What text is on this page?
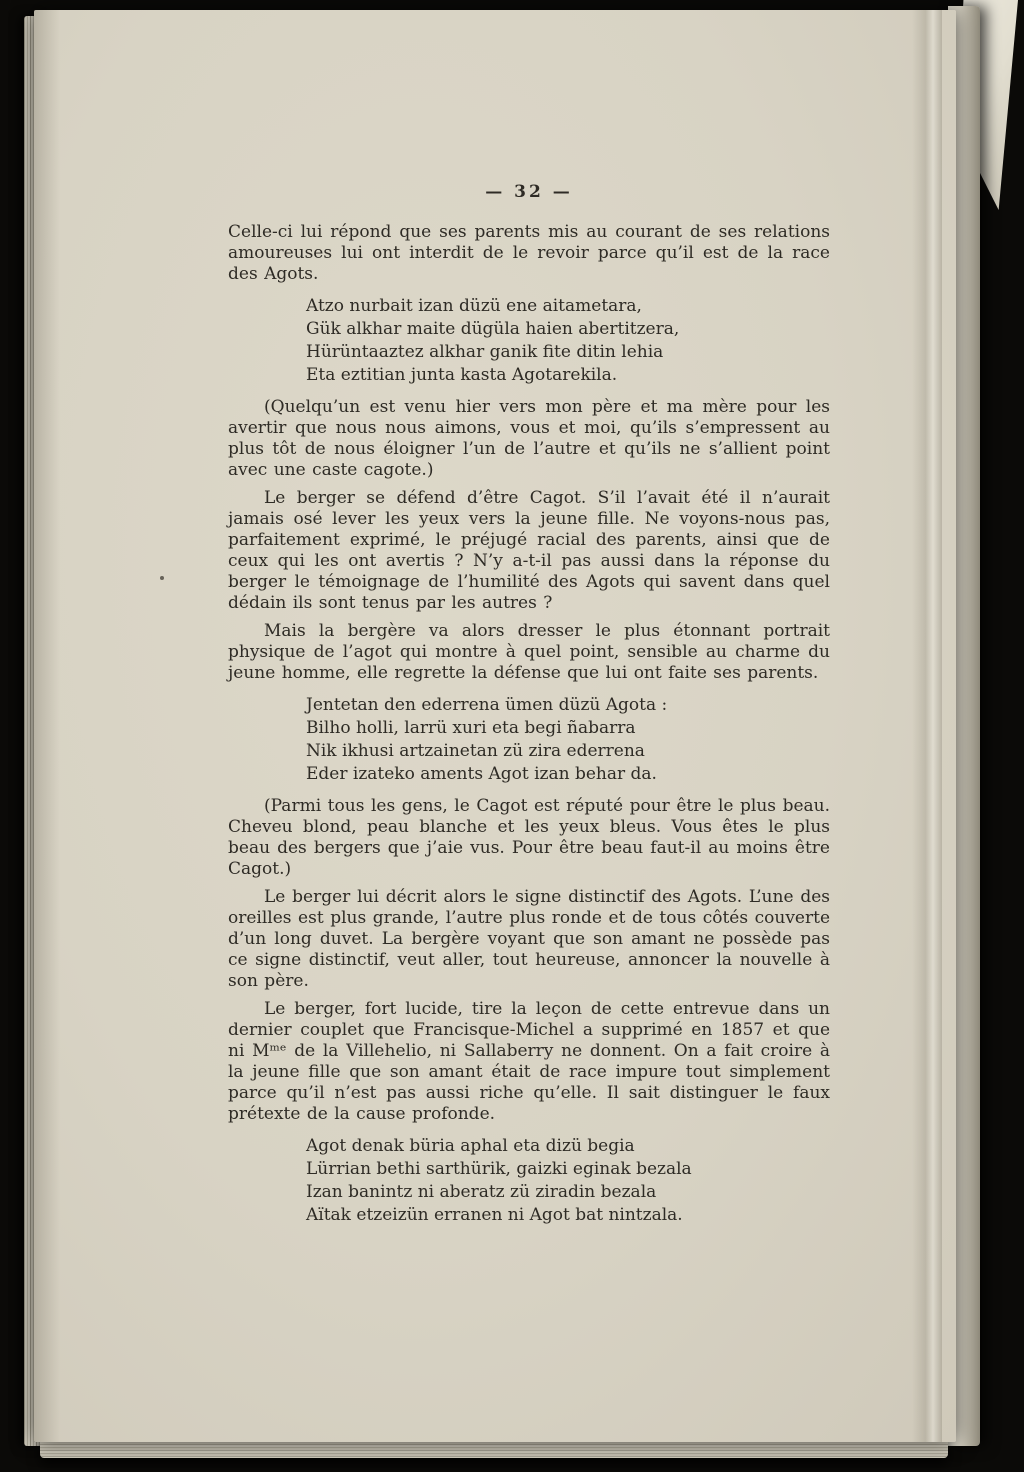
— 32 —

Celle-ci lui répond que ses parents mis au courant de ses relations amoureuses lui ont interdit de le revoir parce qu’il est de la race des Agots.

Atzo nurbait izan düzü ene aitametara,
Gük alkhar maite dügüla haien abertitzera,
Hürüntaaztez alkhar ganik fite ditin lehia
Eta eztitian junta kasta Agotarekila.

(Quelqu’un est venu hier vers mon père et ma mère pour les avertir que nous nous aimons, vous et moi, qu’ils s’empressent au plus tôt de nous éloigner l’un de l’autre et qu’ils ne s’allient point avec une caste cagote.)

Le berger se défend d’être Cagot. S’il l’avait été il n’aurait jamais osé lever les yeux vers la jeune fille. Ne voyons-nous pas, parfaitement exprimé, le préjugé racial des parents, ainsi que de ceux qui les ont avertis ? N’y a-t-il pas aussi dans la réponse du berger le témoignage de l’humilité des Agots qui savent dans quel dédain ils sont tenus par les autres ?

Mais la bergère va alors dresser le plus étonnant portrait physique de l’agot qui montre à quel point, sensible au charme du jeune homme, elle regrette la défense que lui ont faite ses parents.

Jentetan den ederrena ümen düzü Agota :
Bilho holli, larrü xuri eta begi ñabarra
Nik ikhusi artzainetan zü zira ederrena
Eder izateko aments Agot izan behar da.

(Parmi tous les gens, le Cagot est réputé pour être le plus beau. Cheveu blond, peau blanche et les yeux bleus. Vous êtes le plus beau des bergers que j’aie vus. Pour être beau faut-il au moins être Cagot.)

Le berger lui décrit alors le signe distinctif des Agots. L’une des oreilles est plus grande, l’autre plus ronde et de tous côtés couverte d’un long duvet. La bergère voyant que son amant ne possède pas ce signe distinctif, veut aller, tout heureuse, annoncer la nouvelle à son père.

Le berger, fort lucide, tire la leçon de cette entrevue dans un dernier couplet que Francisque-Michel a supprimé en 1857 et que ni Mᵐᵉ de la Villehelio, ni Sallaberry ne donnent. On a fait croire à la jeune fille que son amant était de race impure tout simplement parce qu’il n’est pas aussi riche qu’elle. Il sait distinguer le faux prétexte de la cause profonde.

Agot denak büria aphal eta dizü begia
Lürrian bethi sarthürik, gaizki eginak bezala
Izan banintz ni aberatz zü ziradin bezala
Aïtak etzeizün erranen ni Agot bat nintzala.
